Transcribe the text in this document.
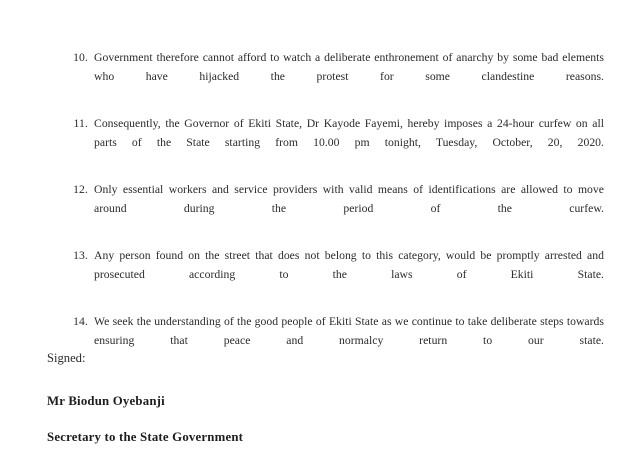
10. Government therefore cannot afford to watch a deliberate enthronement of anarchy by some bad elements who have hijacked the protest for some clandestine reasons.
11. Consequently, the Governor of Ekiti State, Dr Kayode Fayemi, hereby imposes a 24-hour curfew on all parts of the State starting from 10.00 pm tonight, Tuesday, October, 20, 2020.
12. Only essential workers and service providers with valid means of identifications are allowed to move around during the period of the curfew.
13. Any person found on the street that does not belong to this category, would be promptly arrested and prosecuted according to the laws of Ekiti State.
14. We seek the understanding of the good people of Ekiti State as we continue to take deliberate steps towards ensuring that peace and normalcy return to our state.

Signed:

Mr Biodun Oyebanji

Secretary to the State Government
